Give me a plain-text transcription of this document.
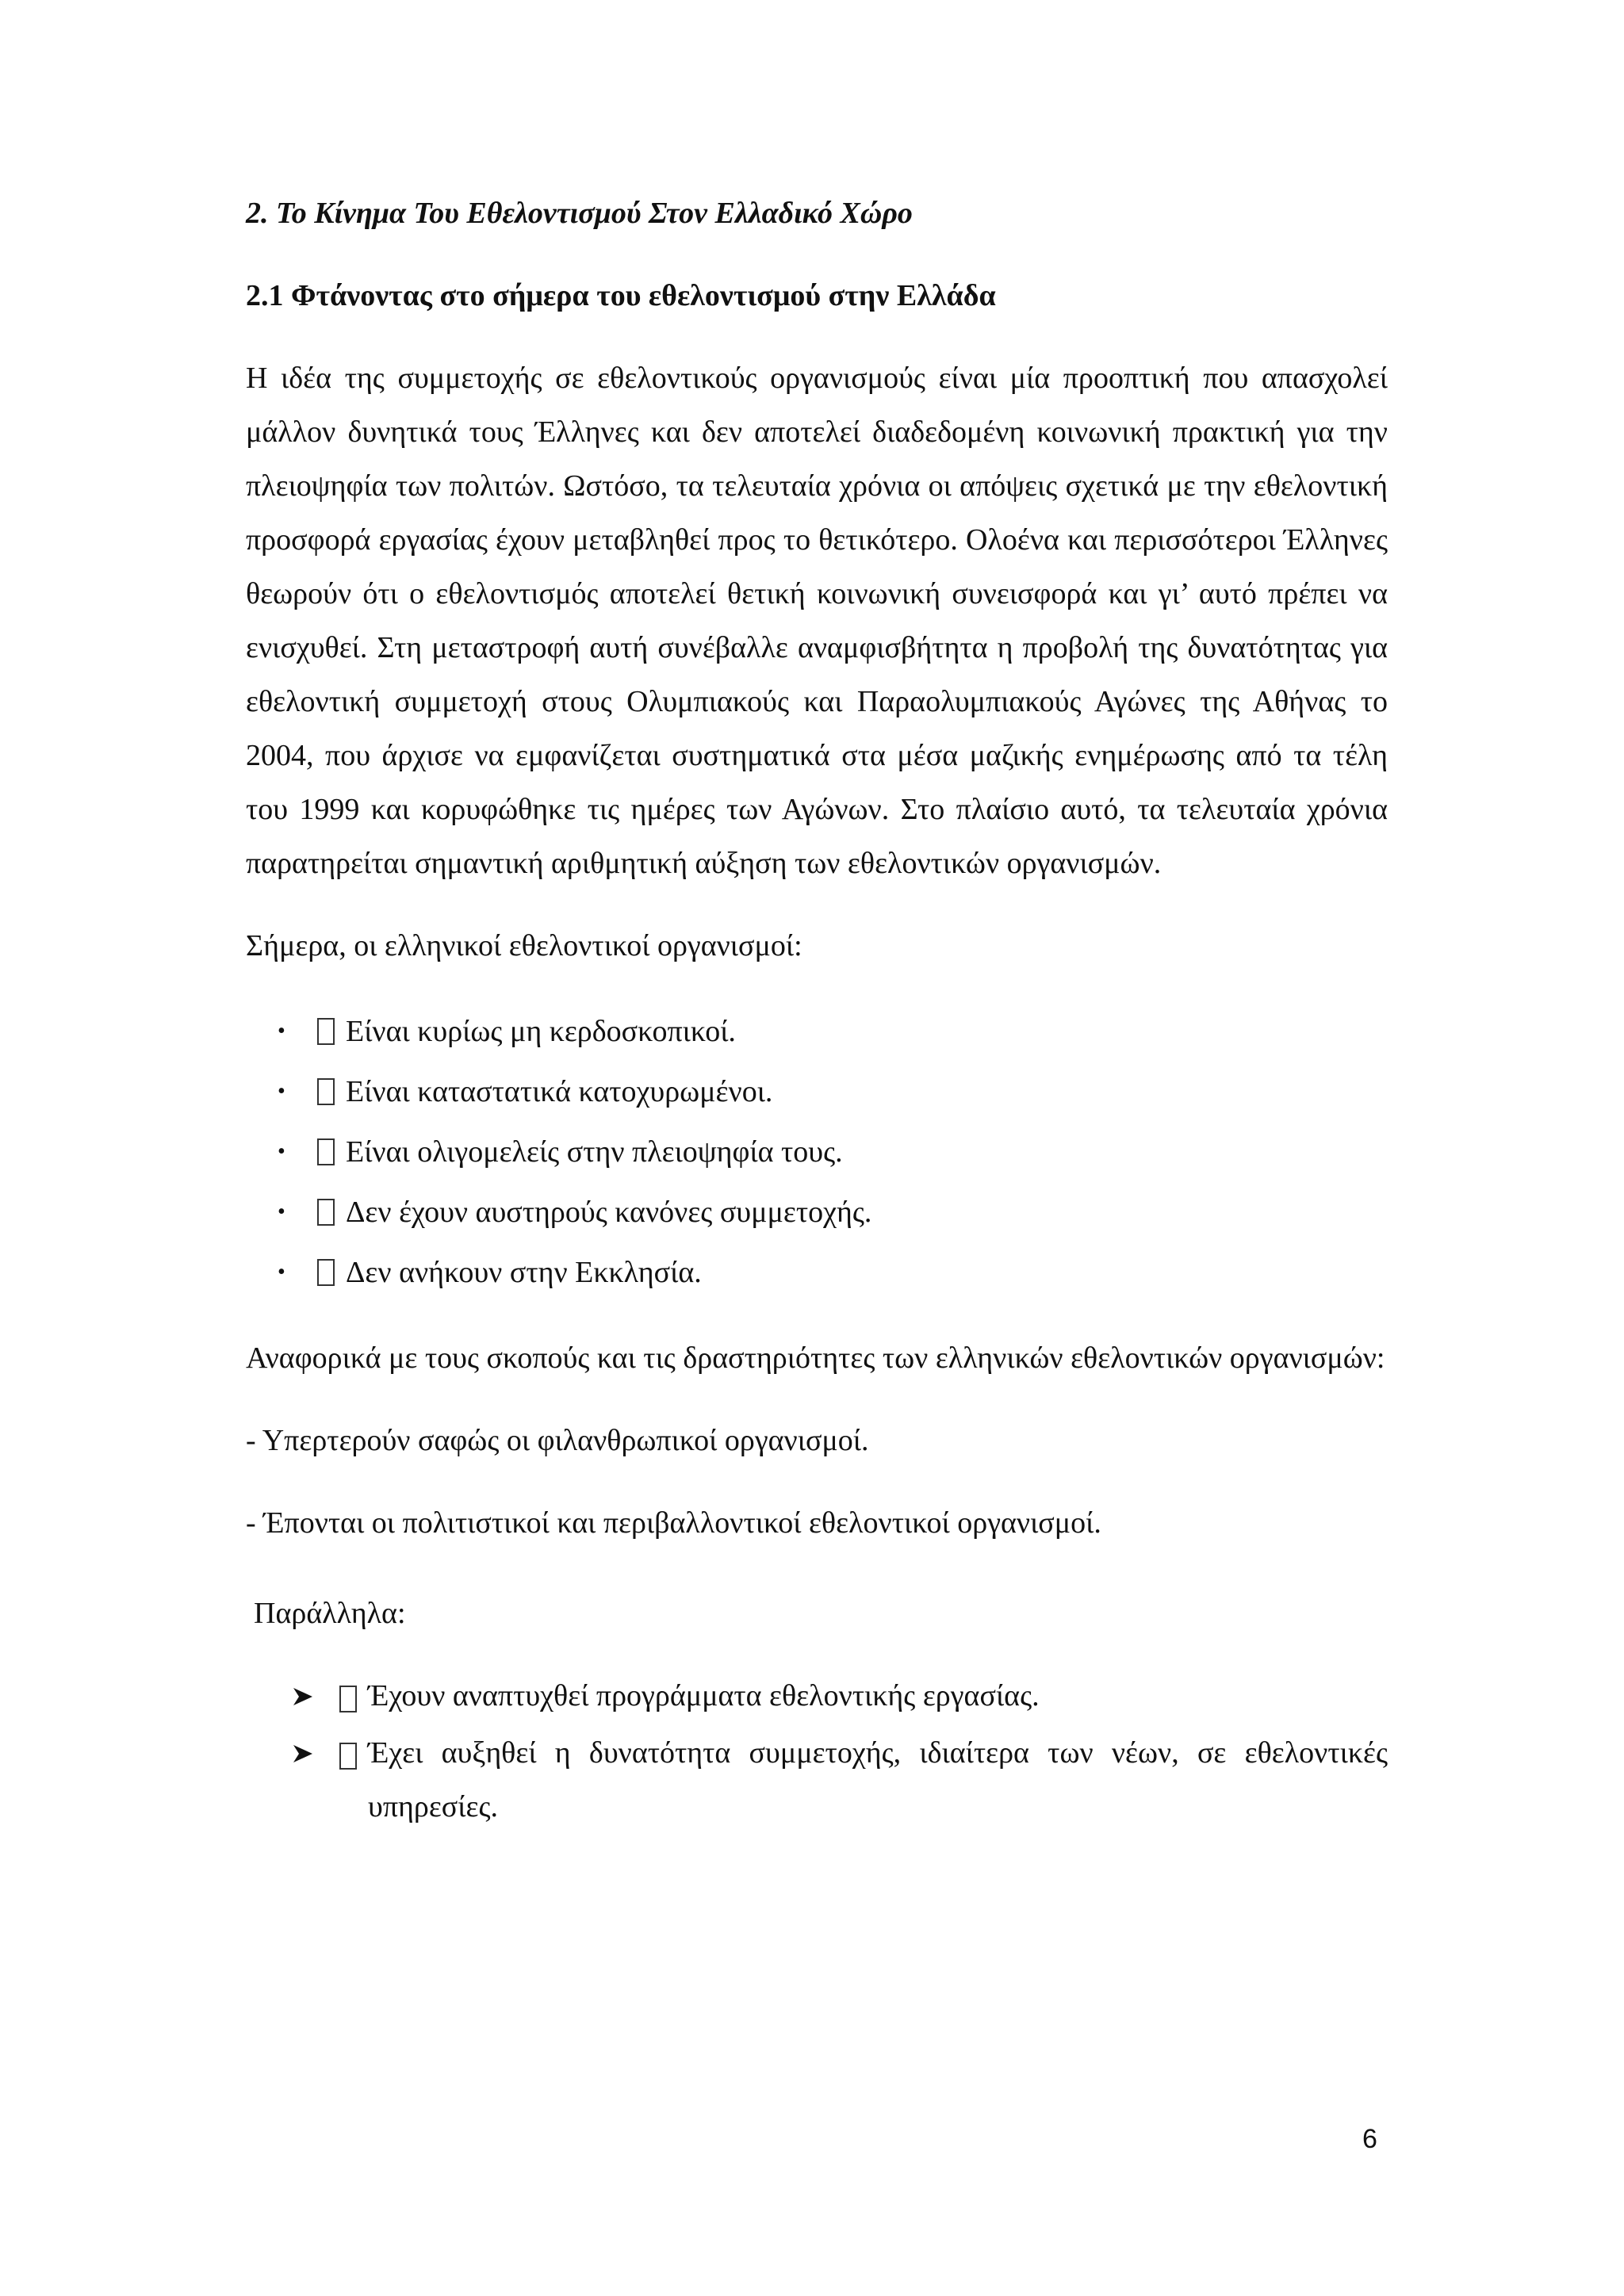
2. Το Κίνημα Του Εθελοντισμού Στον Ελλαδικό Χώρο

2.1 Φτάνοντας στο σήμερα του εθελοντισμού στην Ελλάδα

Η ιδέα της συμμετοχής σε εθελοντικούς οργανισμούς είναι μία προοπτική που απασχολεί μάλλον δυνητικά τους Έλληνες και δεν αποτελεί διαδεδομένη κοινωνική πρακτική για την πλειοψηφία των πολιτών. Ωστόσο, τα τελευταία χρόνια οι απόψεις σχετικά με την εθελοντική προσφορά εργασίας έχουν μεταβληθεί προς το θετικότερο. Ολοένα και περισσότεροι Έλληνες θεωρούν ότι ο εθελοντισμός αποτελεί θετική κοινωνική συνεισφορά και γι’ αυτό πρέπει να ενισχυθεί. Στη μεταστροφή αυτή συνέβαλλε αναμφισβήτητα η προβολή της δυνατότητας για εθελοντική συμμετοχή στους Ολυμπιακούς και Παραολυμπιακούς Αγώνες της Αθήνας το 2004, που άρχισε να εμφανίζεται συστηματικά στα μέσα μαζικής ενημέρωσης από τα τέλη του 1999 και κορυφώθηκε τις ημέρες των Αγώνων. Στο πλαίσιο αυτό, τα τελευταία χρόνια παρατηρείται σημαντική αριθμητική αύξηση των εθελοντικών οργανισμών.

Σήμερα, οι ελληνικοί εθελοντικοί οργανισμοί:

•	Είναι κυρίως μη κερδοσκοπικοί.
•	Είναι καταστατικά κατοχυρωμένοι.
•	Είναι ολιγομελείς στην πλειοψηφία τους.
•	Δεν έχουν αυστηρούς κανόνες συμμετοχής.
•	Δεν ανήκουν στην Εκκλησία.

Αναφορικά με τους σκοπούς και τις δραστηριότητες των ελληνικών εθελοντικών οργανισμών:

- Υπερτερούν σαφώς οι φιλανθρωπικοί οργανισμοί.

- Έπονται οι πολιτιστικοί και περιβαλλοντικοί εθελοντικοί οργανισμοί.

Παράλληλα:

Έχουν αναπτυχθεί προγράμματα εθελοντικής εργασίας.
Έχει αυξηθεί η δυνατότητα συμμετοχής, ιδιαίτερα των νέων, σε εθελοντικές υπηρεσίες.
6
